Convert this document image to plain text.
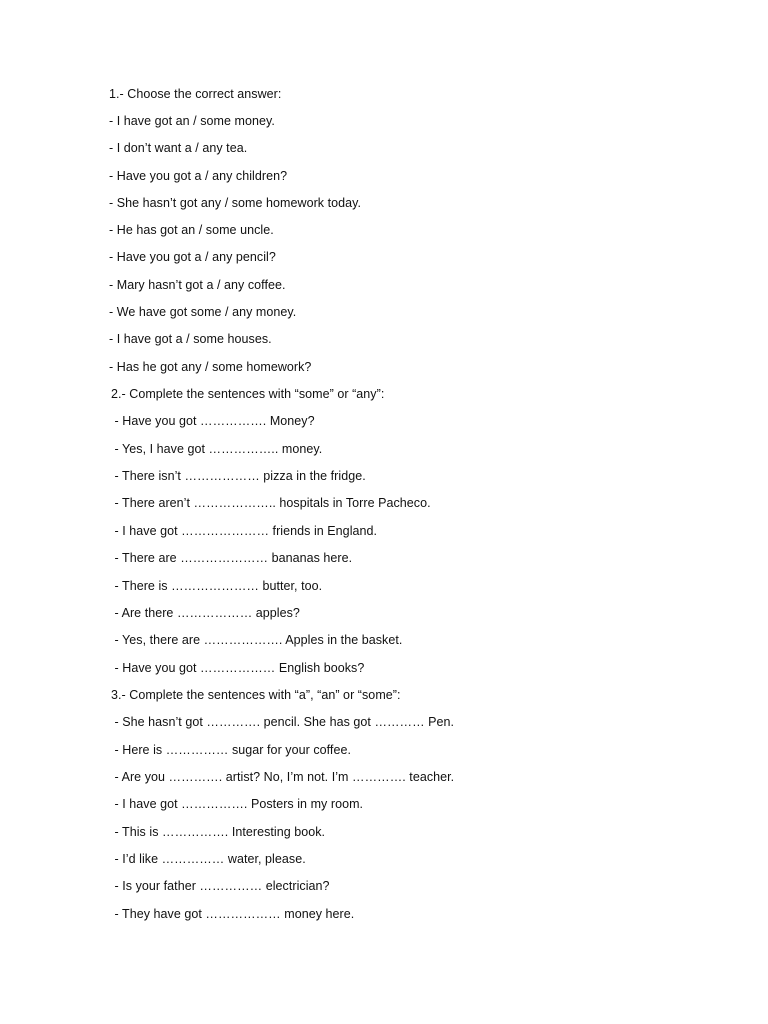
1.- Choose the correct answer:
- I have got an / some money.
- I don’t want a / any tea.
- Have you got a / any children?
- She hasn’t got any / some homework today.
- He has got an / some uncle.
- Have you got a / any pencil?
- Mary hasn’t got a / any coffee.
- We have got some / any money.
- I have got a / some houses.
- Has he got any / some homework?
2.- Complete the sentences with “some” or “any”:
- Have you got ……………. Money?
- Yes, I have got …………….. money.
- There isn’t ……………… pizza in the fridge.
- There aren’t ……………….. hospitals in Torre Pacheco.
- I have got ………………… friends in England.
- There are ………………… bananas here.
- There is ………………… butter, too.
- Are there ……………… apples?
- Yes, there are ………………. Apples in the basket.
- Have you got ……………… English books?
3.- Complete the sentences with “a”, “an” or “some”:
- She hasn’t got …………. pencil. She has got ………… Pen.
- Here is …………… sugar for your coffee.
- Are you …………. artist? No, I’m not. I’m …………. teacher.
- I have got ……………. Posters in my room.
- This is ……………. Interesting book.
- I’d like …………… water, please.
- Is your father …………… electrician?
- They have got ……………… money here.
